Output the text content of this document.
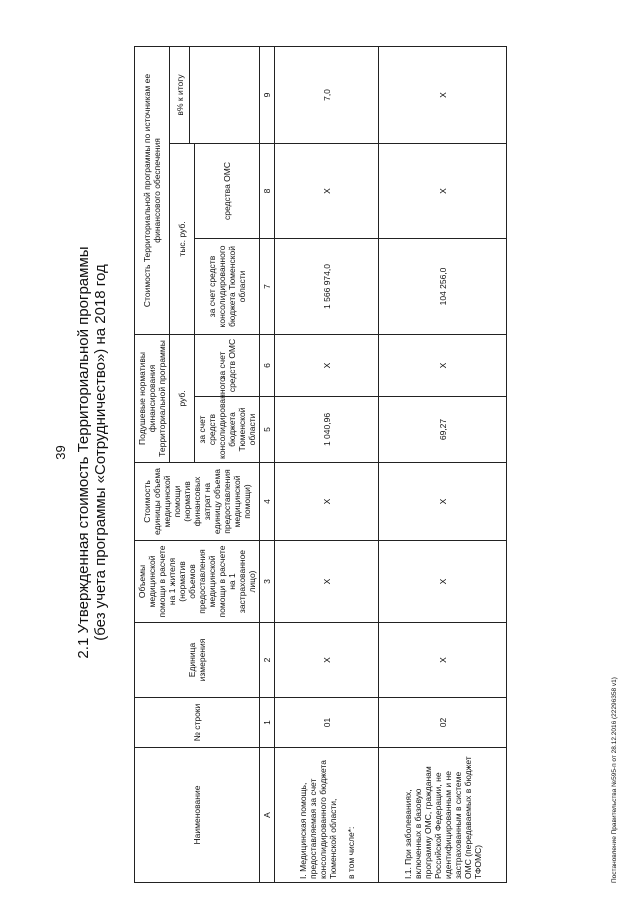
39 2.1 Утвержденная стоимость Территориальной программы (без учета программы «Сотрудничество») на 2018 год
Наименование	№ строки	Единица измерения	Объемы медицинской помощи в расчете на 1 жителя (норматив объемов предоставления медицинской помощи в расчете на 1 застрахованное лицо)	Стоимость единицы объема медицинской помощи (норматив финансовых затрат на единицу объема предоставления медицинской помощи)	Подушевые нормативы финансирования Территориальной программы		Стоимость Территориальной программы по источникам ее финансового обеспечения		
					руб.		тыс. руб.		в% к итогу

					за счет средств консолидированного бюджета Тюменской области	за счет средств ОМС	за счет средств консолидированного бюджета Тюменской области	средства ОМС	
А	1	2	3	4	5	6	7	8	9

I. Медицинская помощь, предоставляемая за счет консолидированного бюджета Тюменской области, в том числе*:	01	Х	Х	Х	1 040,96	Х	1 566 974,0	Х	7,0
I.1. При заболеваниях, включенных в базовую программу ОМС, гражданам Российской Федерации, не идентифицированным и не застрахованным в системе ОМС (передаваемых в бюджет ТФОМС)	02	Х	Х	Х	69,27	Х	104 256,0	Х	Х
Постановление Правительства №595-п от 28.12.2016 (22296358 v1)
